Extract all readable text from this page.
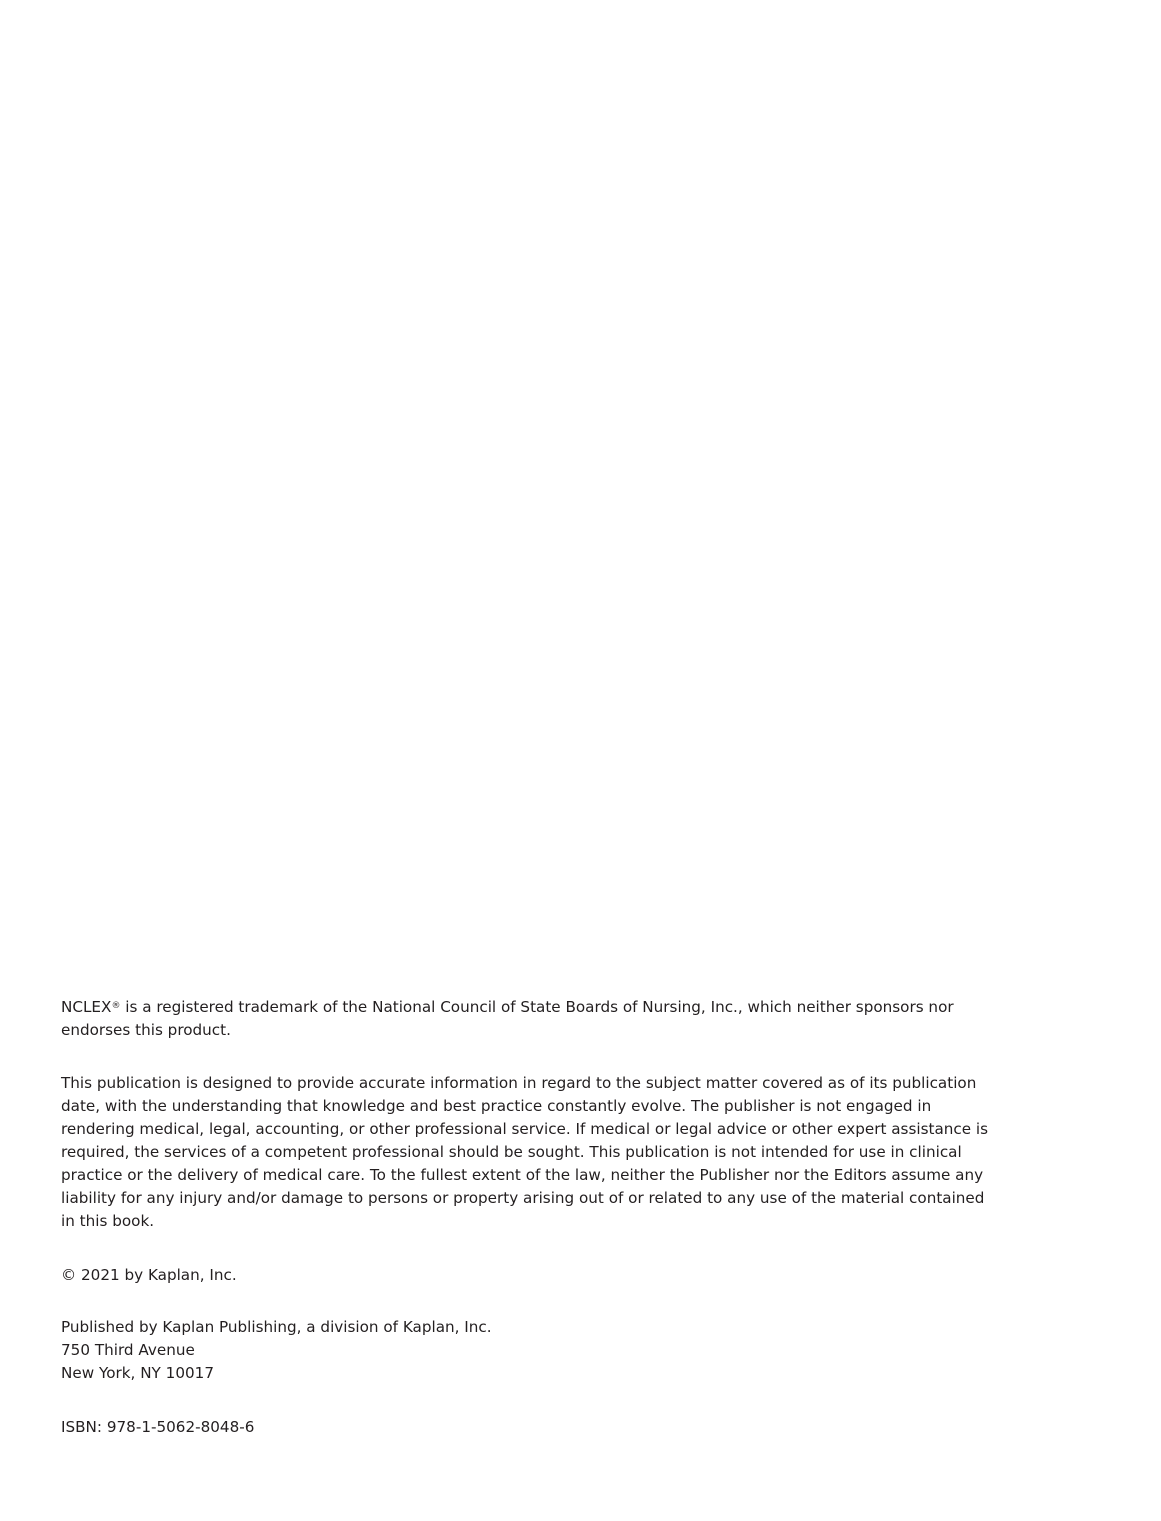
NCLEX® is a registered trademark of the National Council of State Boards of Nursing, Inc., which neither sponsors nor endorses this product.

This publication is designed to provide accurate information in regard to the subject matter covered as of its publication date, with the understanding that knowledge and best practice constantly evolve. The publisher is not engaged in rendering medical, legal, accounting, or other professional service. If medical or legal advice or other expert assistance is required, the services of a competent professional should be sought. This publication is not intended for use in clinical practice or the delivery of medical care. To the fullest extent of the law, neither the Publisher nor the Editors assume any liability for any injury and/or damage to persons or property arising out of or related to any use of the material contained in this book.

© 2021 by Kaplan, Inc.

Published by Kaplan Publishing, a division of Kaplan, Inc.

750 Third Avenue

New York, NY 10017

ISBN: 978-1-5062-8048-6
